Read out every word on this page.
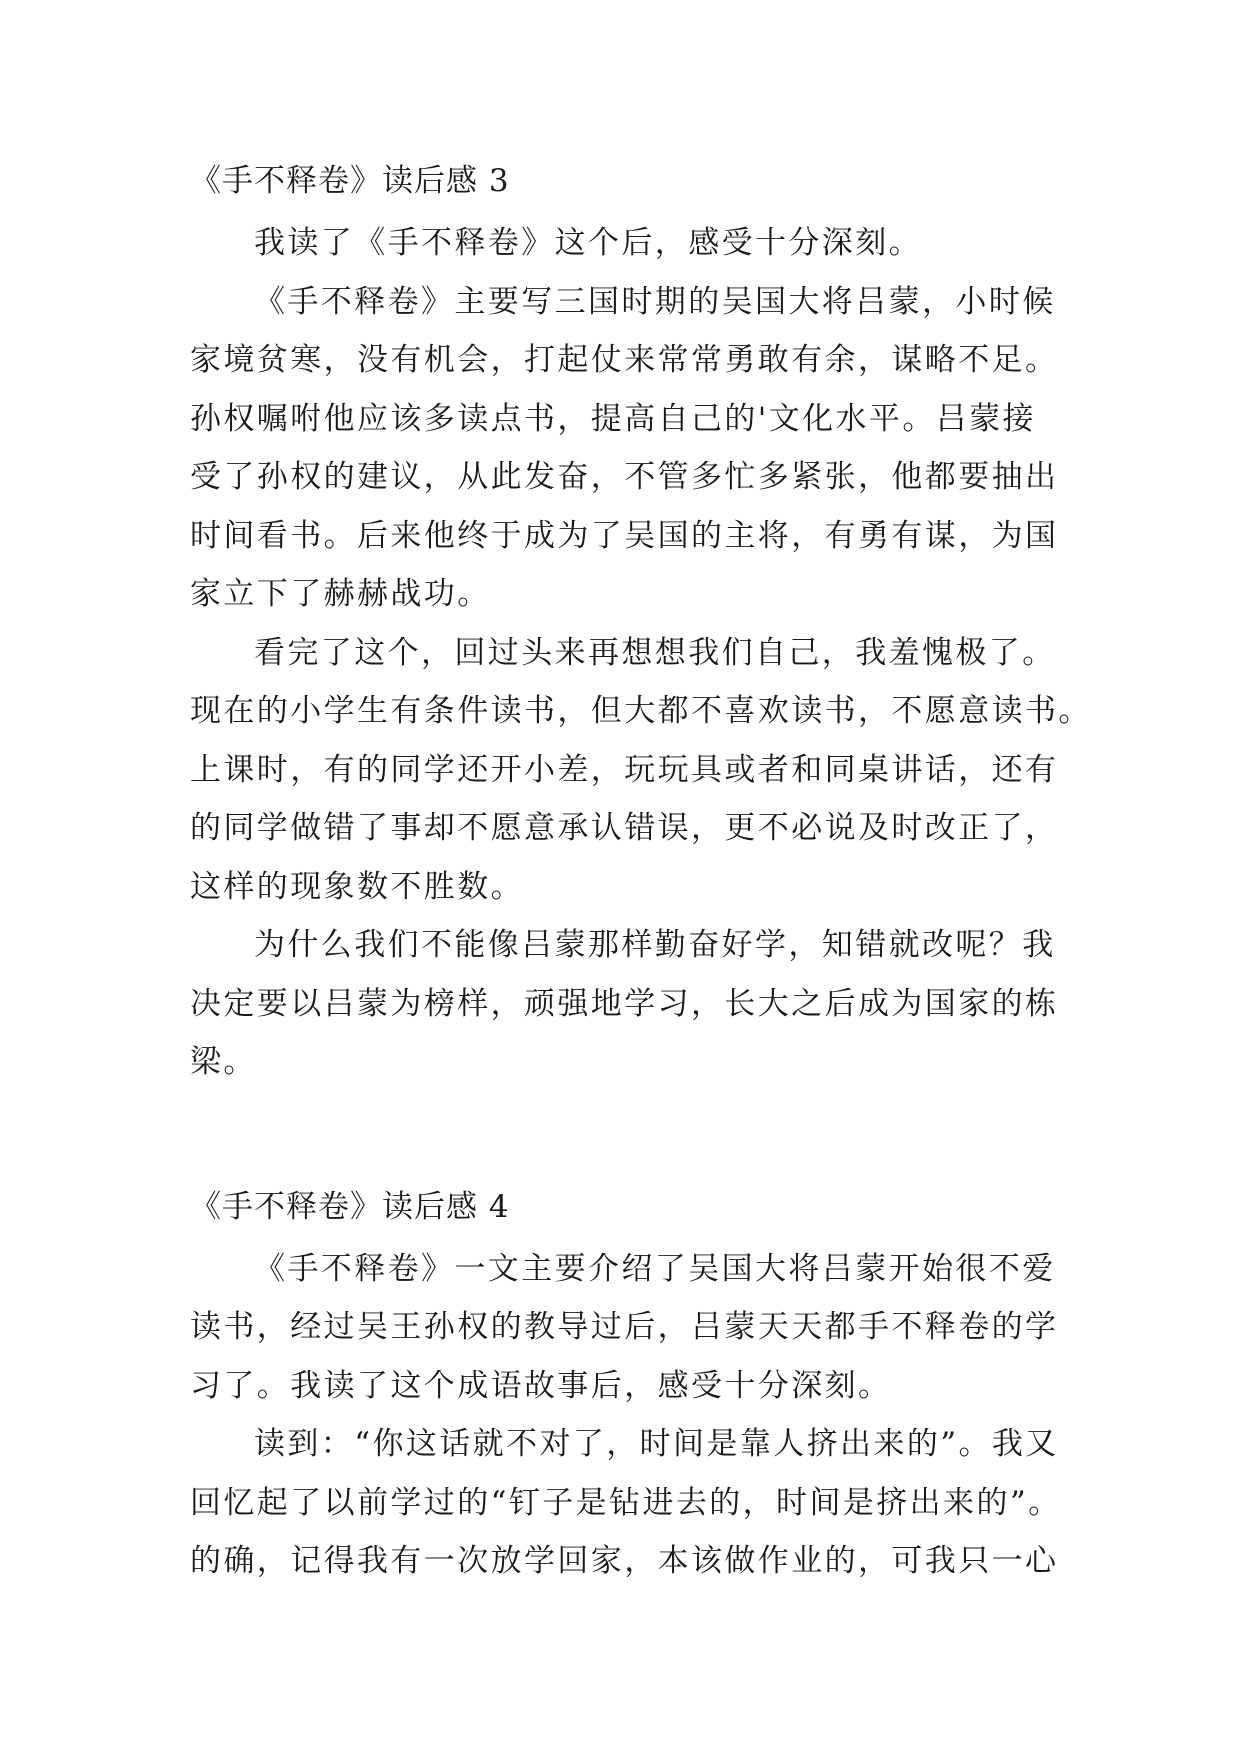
《手不释卷》读后感 3
我读了《手不释卷》这个后，感受十分深刻。
《手不释卷》主要写三国时期的吴国大将吕蒙，小时候
家境贫寒，没有机会，打起仗来常常勇敢有余，谋略不足。
孙权嘱咐他应该多读点书，提高自己的'文化水平。吕蒙接
受了孙权的建议，从此发奋，不管多忙多紧张，他都要抽出
时间看书。后来他终于成为了吴国的主将，有勇有谋，为国
家立下了赫赫战功。
看完了这个，回过头来再想想我们自己，我羞愧极了。
现在的小学生有条件读书，但大都不喜欢读书，不愿意读书。
上课时，有的同学还开小差，玩玩具或者和同桌讲话，还有
的同学做错了事却不愿意承认错误，更不必说及时改正了，
这样的现象数不胜数。
为什么我们不能像吕蒙那样勤奋好学，知错就改呢？我
决定要以吕蒙为榜样，顽强地学习，长大之后成为国家的栋
梁。
《手不释卷》读后感 4
《手不释卷》一文主要介绍了吴国大将吕蒙开始很不爱
读书，经过吴王孙权的教导过后，吕蒙天天都手不释卷的学
习了。我读了这个成语故事后，感受十分深刻。
读到：“你这话就不对了，时间是靠人挤出来的”。我又
回忆起了以前学过的“钉子是钻进去的，时间是挤出来的”。
的确，记得我有一次放学回家，本该做作业的，可我只一心
